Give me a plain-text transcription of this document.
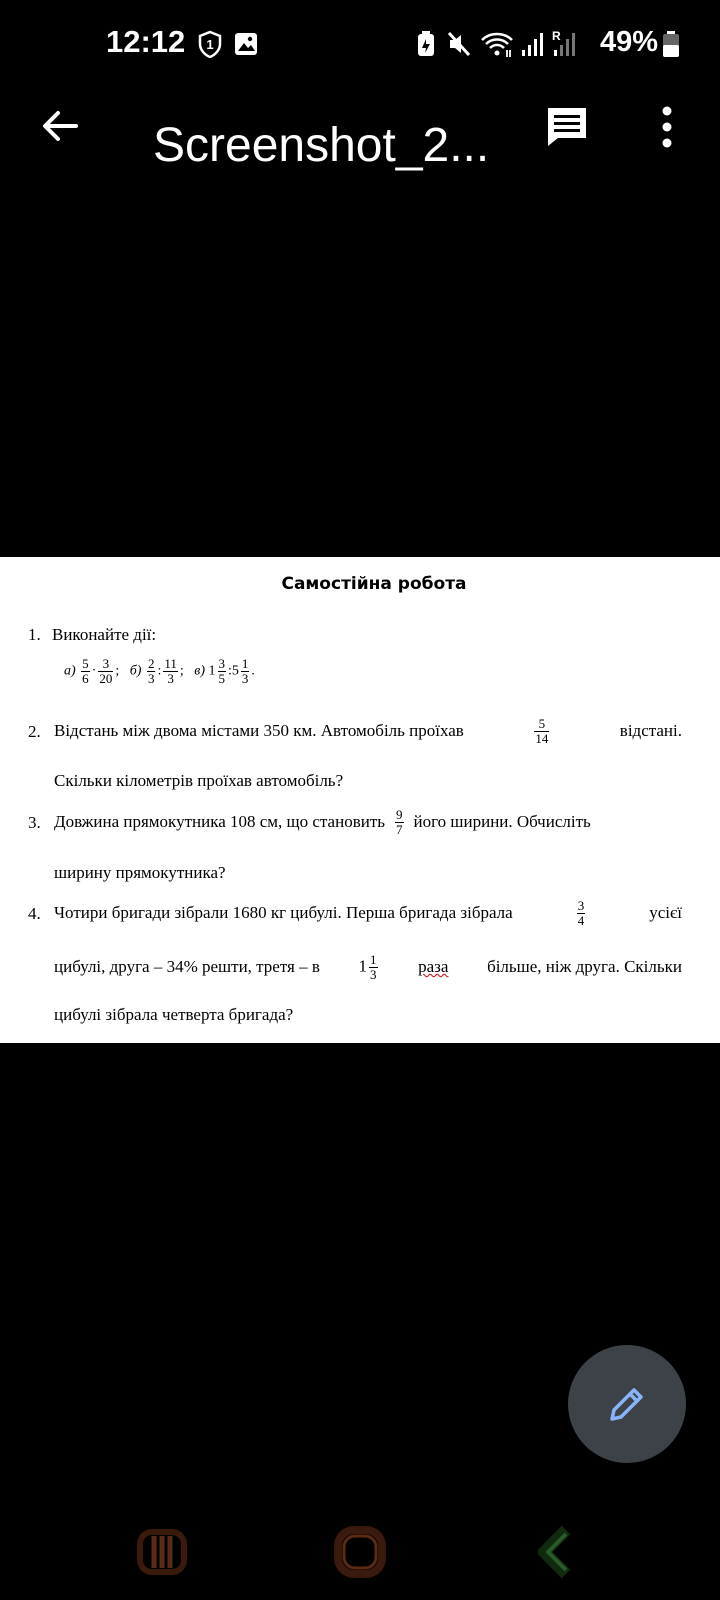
12:12 1
R 49%
Screenshot_2...
Самостійна робота
1. Виконайте дії:
$а) \frac{5}{6} \cdot \frac{3}{20}$ ; $б) \frac{2}{3}$ : $\frac{11}{3}$ ; в) $1 \frac{3}{5}$ :5 $\frac{1}{3}$ .
2. Відстань між двома містами 350 км. Автомобіль проїхав	$\frac{5}{14}$	відстані.
Скільки кілометрів проїхав автомобіль?
3. Довжина прямокутника 108 см, що становить $\frac{9}{7}$ його ширини. Обчисліть
ширину прямокутника?
4. Чотири бригади зібрали 1680 кг цибулі. Перша бригада зібрала	$\frac{3}{4}$	усієї
цибулі, друга – 34% решти, третя – в $1 \frac{1}{3}$ раза більше, ніж друга. Скільки
цибулі зібрала четверта бригада?
